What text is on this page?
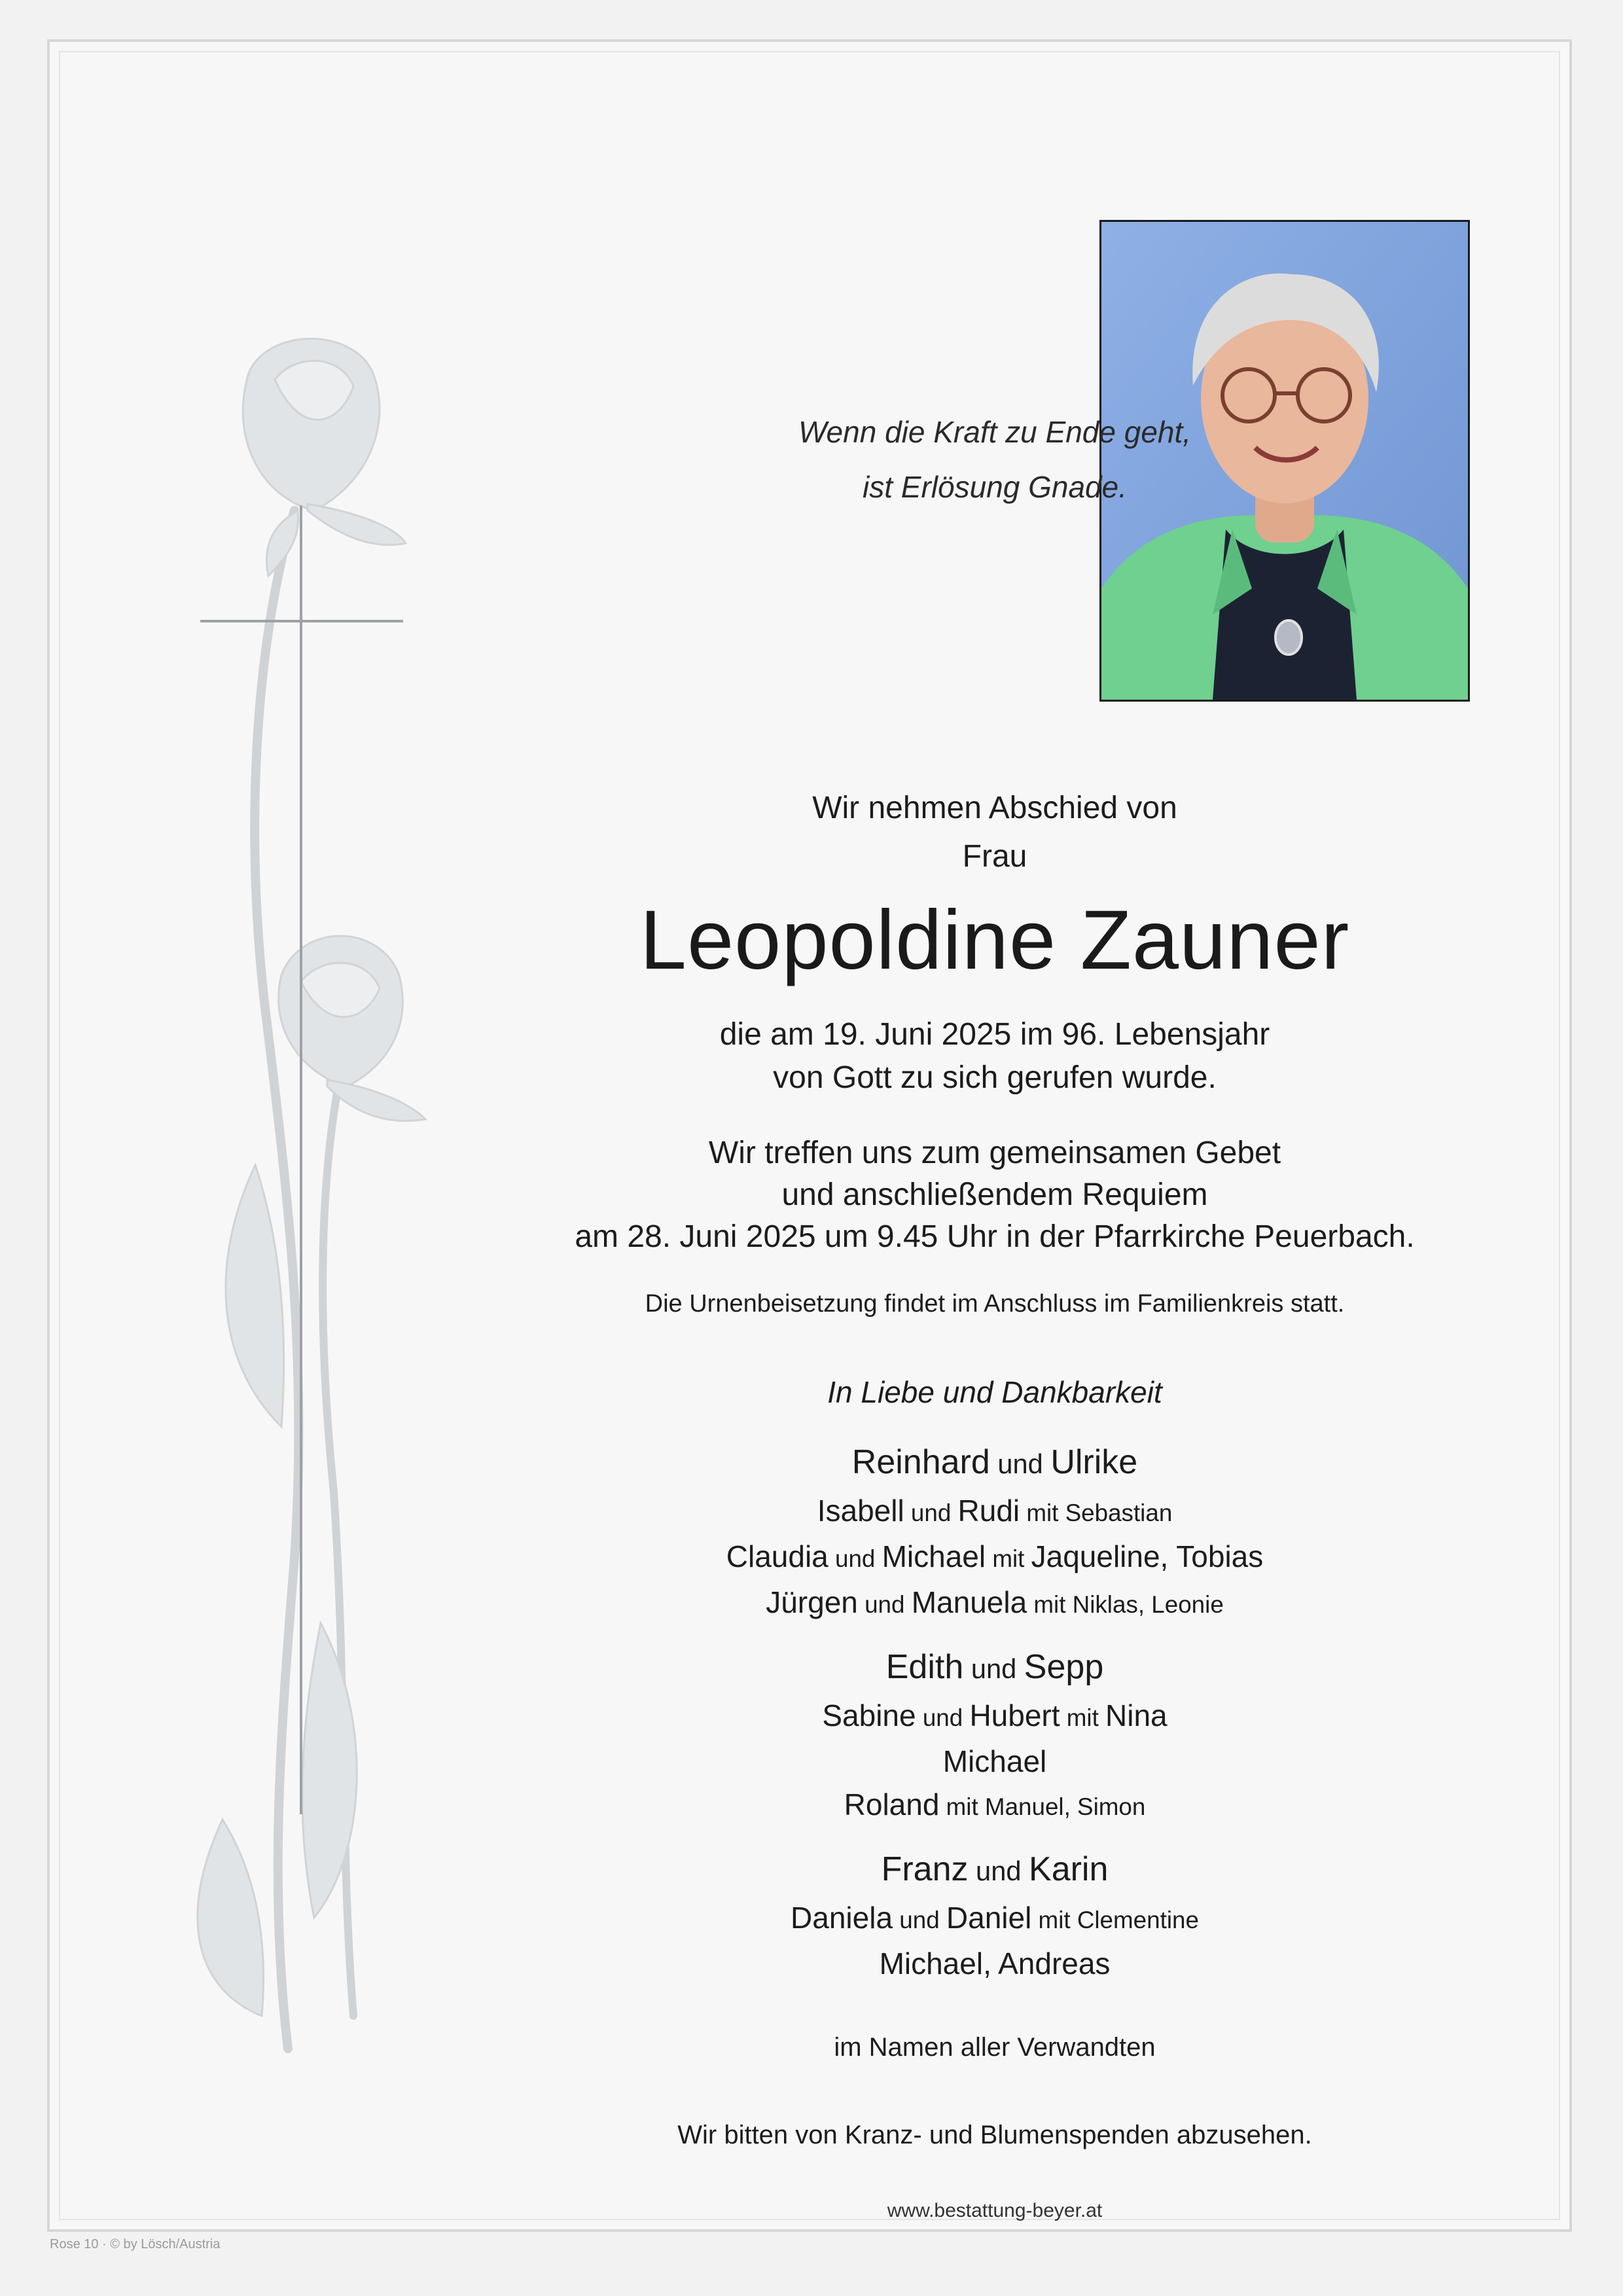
Wenn die Kraft zu Ende geht,

ist Erlösung Gnade.

Wir nehmen Abschied von

Frau

Leopoldine Zauner

die am 19. Juni 2025 im 96. Lebensjahr

von Gott zu sich gerufen wurde.

Wir treffen uns zum gemeinsamen Gebet

und anschließendem Requiem

am 28. Juni 2025 um 9.45 Uhr in der Pfarrkirche Peuerbach.

Die Urnenbeisetzung findet im Anschluss im Familienkreis statt.
In Liebe und Dankbarkeit
Reinhard und Ulrike
Isabell und Rudi mit Sebastian
Claudia und Michael mit Jaqueline, Tobias
Jürgen und Manuela mit Niklas, Leonie
Edith und Sepp
Sabine und Hubert mit Nina
Michael
Roland mit Manuel, Simon
Franz und Karin
Daniela und Daniel mit Clementine
Michael, Andreas
im Namen aller Verwandten
Wir bitten von Kranz- und Blumenspenden abzusehen.
www.bestattung-beyer.at
Rose 10 · © by Lösch/Austria
